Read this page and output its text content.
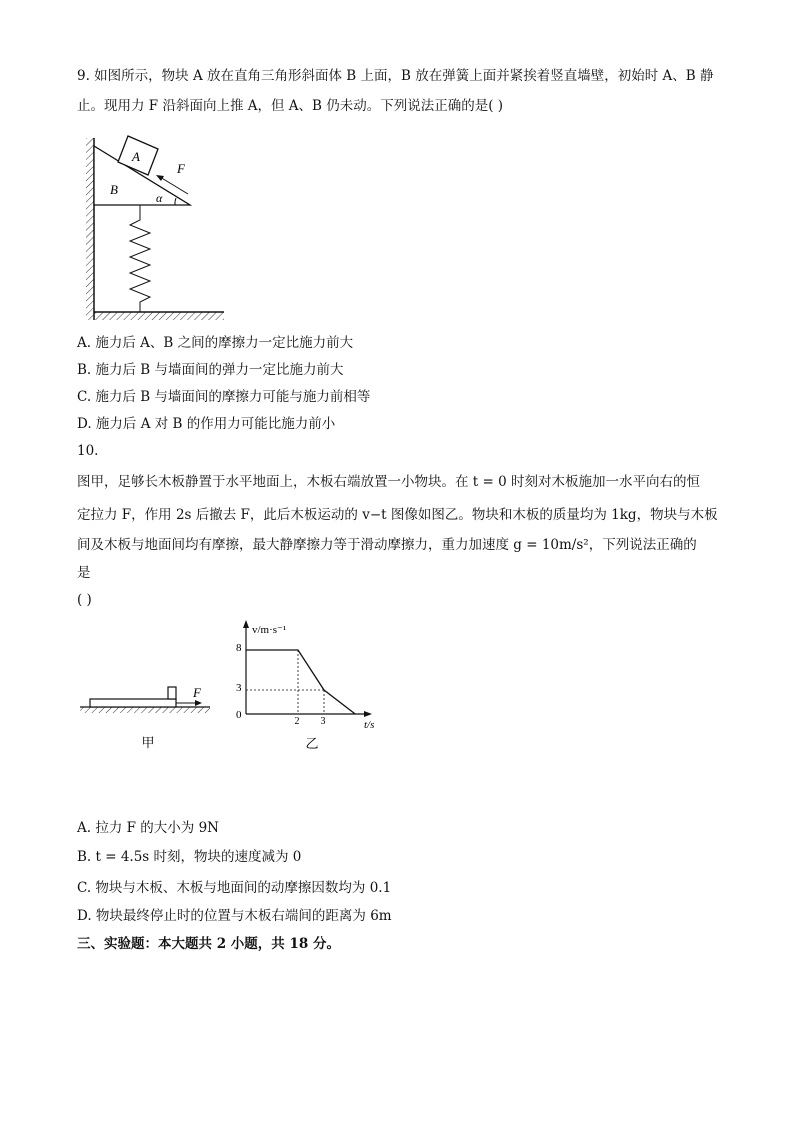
9. 如图所示，物块 A 放在直角三角形斜面体 B 上面，B 放在弹簧上面并紧挨着竖直墙壁，初始时 A、B 静
止。现用力 F 沿斜面向上推 A，但 A、B 仍未动。下列说法正确的是( )
A
B
F
α
A. 施力后 A、B 之间的摩擦力一定比施力前大
B. 施力后 B 与墙面间的弹力一定比施力前大
C. 施力后 B 与墙面间的摩擦力可能与施力前相等
D. 施力后 A 对 B 的作用力可能比施力前小
10.
图甲，足够长木板静置于水平地面上，木板右端放置一小物块。在 t = 0 时刻对木板施加一水平向右的恒
定拉力 F，作用 2s 后撤去 F，此后木板运动的 v−t 图像如图乙。物块和木板的质量均为 1kg，物块与木板
间及木板与地面间均有摩擦，最大静摩擦力等于滑动摩擦力，重力加速度 g = 10m/s²，下列说法正确的
是
( )
F
甲
v/m·s⁻¹
t/s
0
8
3
2 3
乙
A. 拉力 F 的大小为 9N
B. t = 4.5s 时刻，物块的速度减为 0
C. 物块与木板、木板与地面间的动摩擦因数均为 0.1
D. 物块最终停止时的位置与木板右端间的距离为 6m
三、实验题：本大题共 2 小题，共 18 分。
